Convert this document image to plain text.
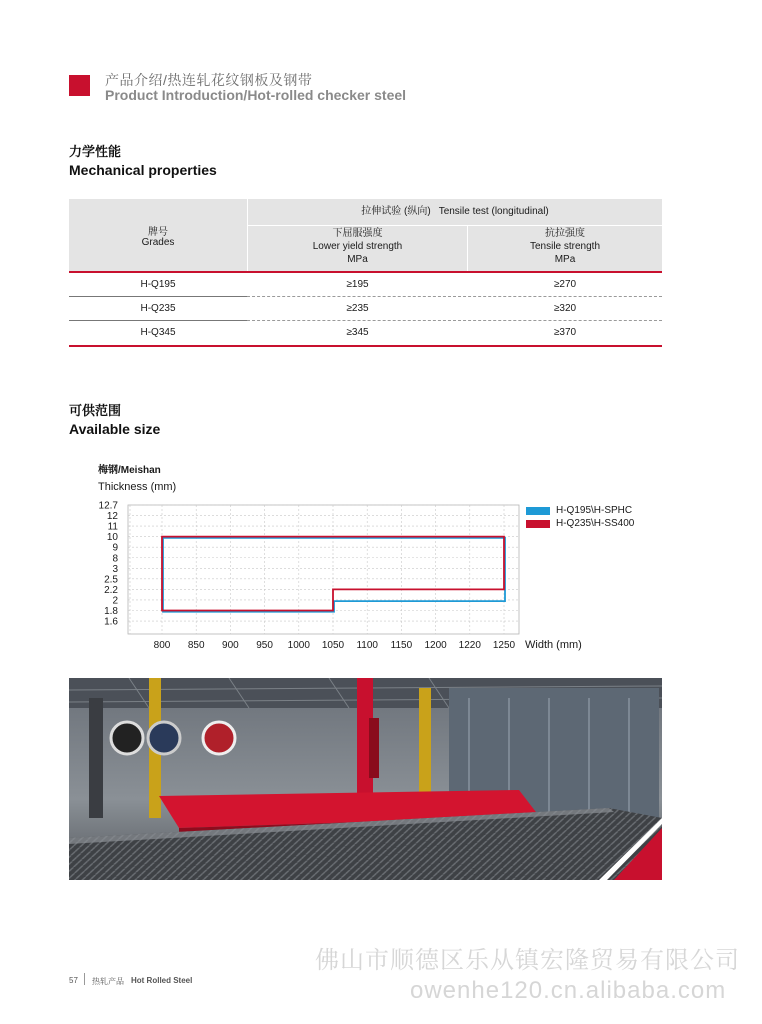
产品介绍/热连轧花纹钢板及钢带
Product Introduction/Hot-rolled checker steel
力学性能
Mechanical properties
牌号
Grades
拉伸试验 (纵向) Tensile test (longitudinal)
下屈服强度
Lower yield strength
MPa
抗拉强度
Tensile strength
MPa
H-Q195	≥195	≥270
H-Q235	≥235	≥320
H-Q345	≥345	≥370
可供范围
Available size
梅钢/Meishan
Thickness (mm)
12.7
12
11
10
9
8
3
2.5
2.2
2
1.8
1.6
800 850 900 950 1000 1050 1100 1150 1200 1220 1250 Width (mm)
H-Q195\H-SPHC
H-Q235\H-SS400
佛山市顺德区乐从镇宏隆贸易有限公司
owenhe120.cn.alibaba.com
57 热轧产品 Hot Rolled Steel
